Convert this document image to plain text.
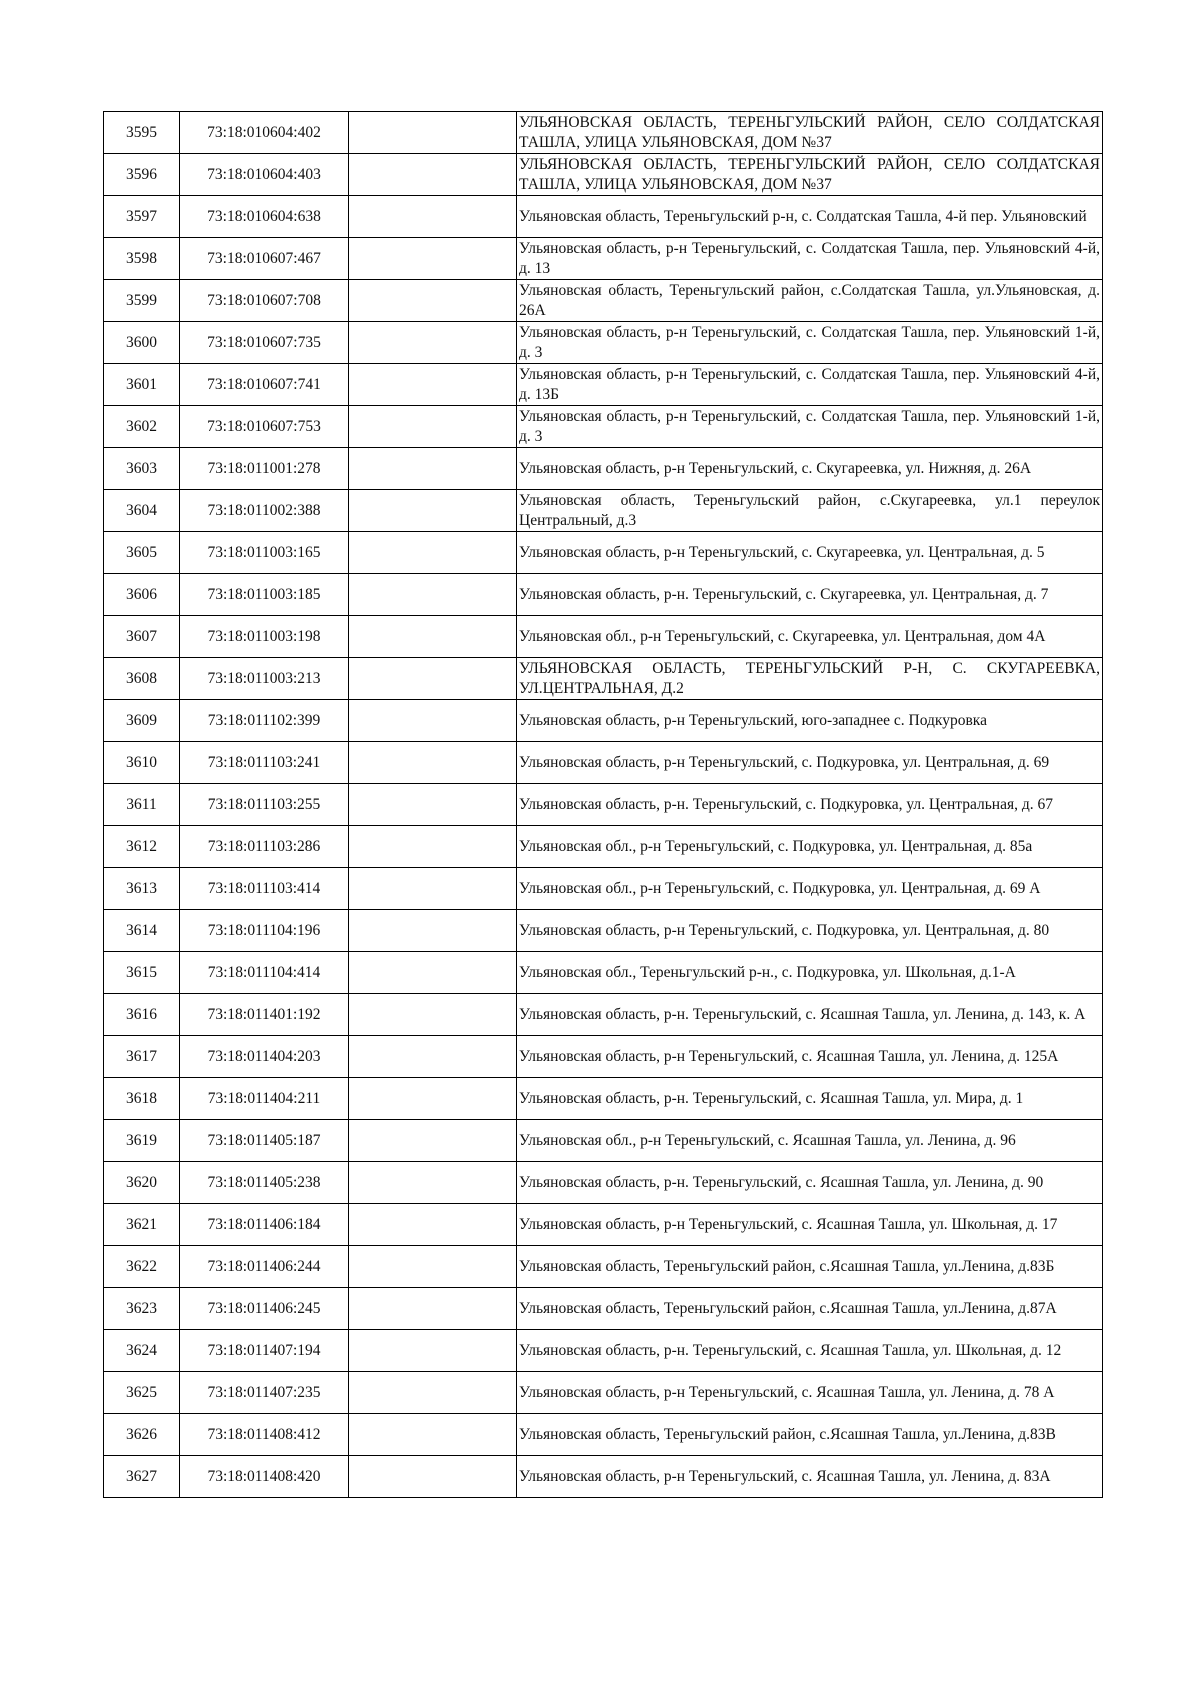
3595	73:18:010604:402		УЛЬЯНОВСКАЯ ОБЛАСТЬ, ТЕРЕНЬГУЛЬСКИЙ РАЙОН, СЕЛО СОЛДАТСКАЯ ТАШЛА, УЛИЦА УЛЬЯНОВСКАЯ, ДОМ №37

3596	73:18:010604:403		УЛЬЯНОВСКАЯ ОБЛАСТЬ, ТЕРЕНЬГУЛЬСКИЙ РАЙОН, СЕЛО СОЛДАТСКАЯ ТАШЛА, УЛИЦА УЛЬЯНОВСКАЯ, ДОМ №37

3597	73:18:010604:638		Ульяновская область, Тереньгульский р-н, с. Солдатская Ташла, 4-й пер. Ульяновский

3598	73:18:010607:467		Ульяновская область, р-н Тереньгульский, с. Солдатская Ташла, пер. Ульяновский 4-й, д. 13

3599	73:18:010607:708		Ульяновская область, Тереньгульский район, с.Солдатская Ташла, ул.Ульяновская, д. 26А

3600	73:18:010607:735		Ульяновская область, р-н Тереньгульский, с. Солдатская Ташла, пер. Ульяновский 1-й, д. 3

3601	73:18:010607:741		Ульяновская область, р-н Тереньгульский, с. Солдатская Ташла, пер. Ульяновский 4-й, д. 13Б

3602	73:18:010607:753		Ульяновская область, р-н Тереньгульский, с. Солдатская Ташла, пер. Ульяновский 1-й, д. 3

3603	73:18:011001:278		Ульяновская область, р-н Тереньгульский, с. Скугареевка, ул. Нижняя, д. 26А

3604	73:18:011002:388		Ульяновская область, Тереньгульский район, с.Скугареевка, ул.1 переулок Центральный, д.3

3605	73:18:011003:165		Ульяновская область, р-н Тереньгульский, с. Скугареевка, ул. Центральная, д. 5

3606	73:18:011003:185		Ульяновская область, р-н. Тереньгульский, с. Скугареевка, ул. Центральная, д. 7

3607	73:18:011003:198		Ульяновская обл., р-н Тереньгульский, с. Скугареевка, ул. Центральная, дом 4А

3608	73:18:011003:213		УЛЬЯНОВСКАЯ ОБЛАСТЬ, ТЕРЕНЬГУЛЬСКИЙ Р-Н, С. СКУГАРЕЕВКА, УЛ.ЦЕНТРАЛЬНАЯ, Д.2

3609	73:18:011102:399		Ульяновская область, р-н Тереньгульский, юго-западнее с. Подкуровка

3610	73:18:011103:241		Ульяновская область, р-н Тереньгульский, с. Подкуровка, ул. Центральная, д. 69

3611	73:18:011103:255		Ульяновская область, р-н. Тереньгульский, с. Подкуровка, ул. Центральная, д. 67

3612	73:18:011103:286		Ульяновская обл., р-н Тереньгульский, с. Подкуровка, ул. Центральная, д. 85а

3613	73:18:011103:414		Ульяновская обл., р-н Тереньгульский, с. Подкуровка, ул. Центральная, д. 69 А

3614	73:18:011104:196		Ульяновская область, р-н Тереньгульский, с. Подкуровка, ул. Центральная, д. 80

3615	73:18:011104:414		Ульяновская обл., Тереньгульский р-н., с. Подкуровка, ул. Школьная, д.1-А

3616	73:18:011401:192		Ульяновская область, р-н. Тереньгульский, с. Ясашная Ташла, ул. Ленина, д. 143, к. А

3617	73:18:011404:203		Ульяновская область, р-н Тереньгульский, с. Ясашная Ташла, ул. Ленина, д. 125А

3618	73:18:011404:211		Ульяновская область, р-н. Тереньгульский, с. Ясашная Ташла, ул. Мира, д. 1

3619	73:18:011405:187		Ульяновская обл., р-н Тереньгульский, с. Ясашная Ташла, ул. Ленина, д. 96

3620	73:18:011405:238		Ульяновская область, р-н. Тереньгульский, с. Ясашная Ташла, ул. Ленина, д. 90

3621	73:18:011406:184		Ульяновская область, р-н Тереньгульский, с. Ясашная Ташла, ул. Школьная, д. 17

3622	73:18:011406:244		Ульяновская область, Тереньгульский район, с.Ясашная Ташла, ул.Ленина, д.83Б

3623	73:18:011406:245		Ульяновская область, Тереньгульский район, с.Ясашная Ташла, ул.Ленина, д.87А

3624	73:18:011407:194		Ульяновская область, р-н. Тереньгульский, с. Ясашная Ташла, ул. Школьная, д. 12

3625	73:18:011407:235		Ульяновская область, р-н Тереньгульский, с. Ясашная Ташла, ул. Ленина, д. 78 А

3626	73:18:011408:412		Ульяновская область, Тереньгульский район, с.Ясашная Ташла, ул.Ленина, д.83В

3627	73:18:011408:420		Ульяновская область, р-н Тереньгульский, с. Ясашная Ташла, ул. Ленина, д. 83А
